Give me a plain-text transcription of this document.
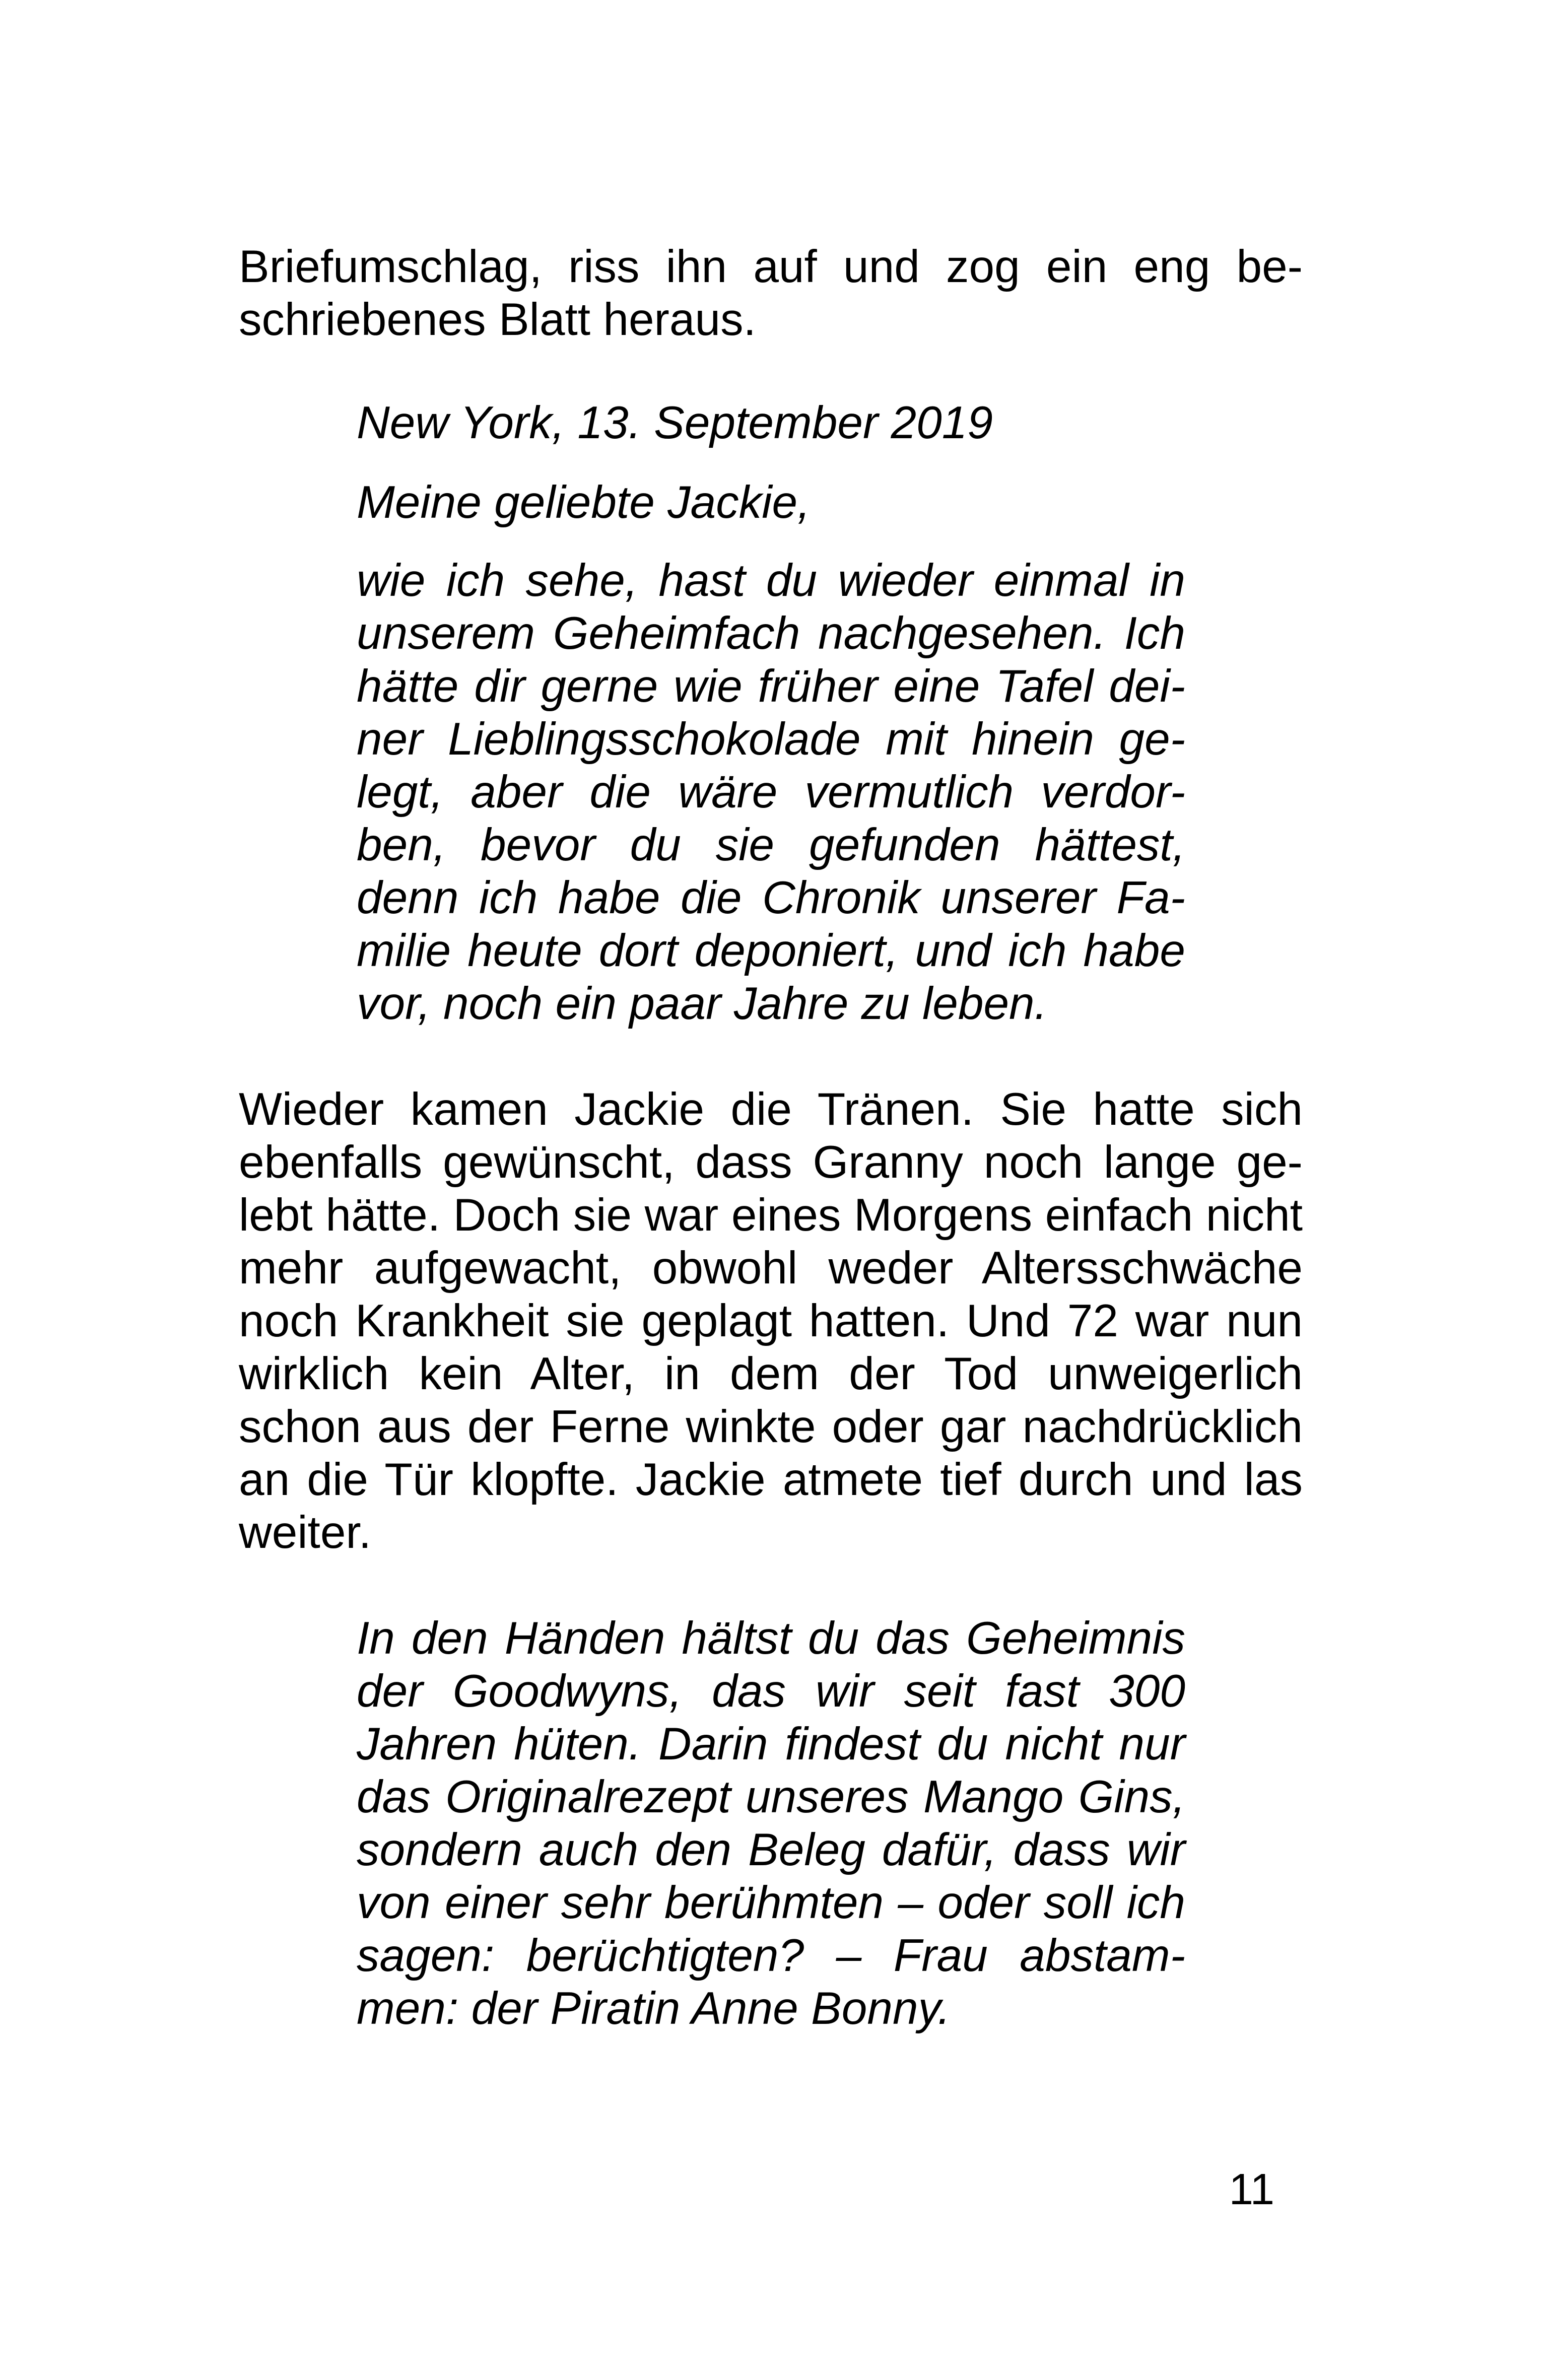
Briefumschlag, riss ihn auf und zog ein eng be-
schriebenes Blatt heraus.
New York, 13. September 2019
Meine geliebte Jackie,
wie ich sehe, hast du wieder einmal in
unserem Geheimfach nachgesehen. Ich
hätte dir gerne wie früher eine Tafel dei-
ner Lieblingsschokolade mit hinein ge-
legt, aber die wäre vermutlich verdor-
ben, bevor du sie gefunden hättest,
denn ich habe die Chronik unserer Fa-
milie heute dort deponiert, und ich habe
vor, noch ein paar Jahre zu leben.
Wieder kamen Jackie die Tränen. Sie hatte sich
ebenfalls gewünscht, dass Granny noch lange ge-
lebt hätte. Doch sie war eines Morgens einfach nicht
mehr aufgewacht, obwohl weder Altersschwäche
noch Krankheit sie geplagt hatten. Und 72 war nun
wirklich kein Alter, in dem der Tod unweigerlich
schon aus der Ferne winkte oder gar nachdrücklich
an die Tür klopfte. Jackie atmete tief durch und las
weiter.
In den Händen hältst du das Geheimnis
der Goodwyns, das wir seit fast 300
Jahren hüten. Darin findest du nicht nur
das Originalrezept unseres Mango Gins,
sondern auch den Beleg dafür, dass wir
von einer sehr berühmten – oder soll ich
sagen: berüchtigten? – Frau abstam-
men: der Piratin Anne Bonny.
11
